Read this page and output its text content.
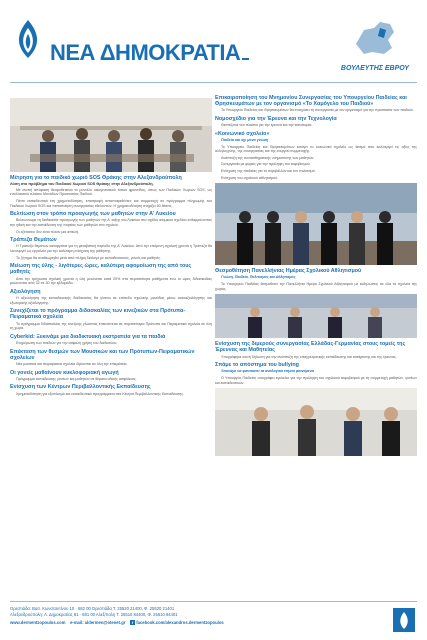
ΝΕΑ ΔΗΜΟΚΡΑΤΙΑ
ΒΟΥΛΕΥΤΗΣ ΕΒΡΟΥ
Μέτρηση για το παιδικό χωριό SOS Θράκης στην Αλεξανδρούπολη
Λύση στο πρόβλημα του Παιδικού Χωριού SOS Θράκης στην Αλεξανδρούπολη.

Με ανεπή απόφαση θεσμοθετείται το μοντέλο οικογενειακού τύπου φροντίδας, όπως των Παιδικών Χωριών SOS, ως εναλλακτικό πλαίσιο Μονάδων Προστασίας Παιδιού.

Πέντε εκπαιδευτικά έτη χρηματοδότηση, επιστροφή ανταποκριθέντες και συμμετοχή σε πρόγραμμα πληρωμής του Παιδικού Χωριού SOS και πιστοποίηση συνεργασίας εθελοντών. Η χρηματοδότηση στηρίζει 50 θέσεις.

Βελτίωση στον τρόπο προαγωγής των μαθητών στην Α' Λυκείου

Βελτιώνουμε τη διαδικασία προαγωγής των μαθητών της Α' τάξης του Λυκείου στο σχέδιο ατομικού σχεδίου ενθαρρύνοντας την ηθική και την εκπαίδευση της πορείας των μαθητών στο σχολείο.

Οι εξετάσεις δεν είναι πλέον μια απειλή.

Τράπεζα Θεμάτων

Η Τράπεζα θεμάτων καταργείται για τη μεταβατική περίοδο της Α' Λυκείου. Από την επόμενη σχολική χρονιά η Τράπεζα θα λειτουργεί ως εργαλείο για την καλύτερη ενίσχυση της μάθησης.

Το ζήτημα θα αναθεωρηθεί μετά από πλήρη διάλογο με εκπαιδευτικούς, γονείς και μαθητές.

Μείωση της ύλης - λιγότερες ώρες, καλύτερη αφομοίωση της από τους μαθητές

Από την τρέχουσα σχολική χρονιά η ύλη μειώνεται κατά 20% στα περισσότερα μαθήματα ενώ οι ώρες διδασκαλίας μειώνονται από 32 σε 30 την εβδομάδα.

Αξιολόγηση

Η αξιολόγηση της εκπαιδευτικής διαδικασίας θα γίνεται σε επίπεδο σχολικής μονάδας μέσω αυτοαξιολόγησης και εξωτερικής αξιολόγησης.

Συνεχίζεται το πρόγραμμα διδασκαλίας των κινεζικών στα Πρότυπα-Πειραματικά σχολεία

Το πρόγραμμα διδασκαλίας της κινεζικής γλώσσας επεκτείνεται σε περισσότερα Πρότυπα και Πειραματικά σχολεία σε όλη τη χώρα.

Cyberkid: Ξεκινάμε μια διαδικτυακή εκστρατεία για τα παιδιά

Ενημέρωση των παιδιών για την ασφαλή χρήση του διαδικτύου.

Επέκταση των θεσμών των Μουσικών και των Πρότυπων-Πειραματικών σχολείων

Νέα μουσικά και πειραματικά σχολεία ιδρύονται σε όλη την επικράτεια.

Οι γονείς μαθαίνουν κυκλοφοριακή αγωγή

Πρόγραμμα εκπαίδευσης γονέων και μαθητών σε θέματα οδικής ασφάλειας.

Ενίσχυση των Κέντρων Περιβαλλοντικής Εκπαίδευσης

Χρηματοδότηση για εξοπλισμό και εκπαιδευτικά προγράμματα στα Κέντρα Περιβαλλοντικής Εκπαίδευσης.

Επικαιροποίηση του Μνημονίου Συνεργασίας του Υπουργείου Παιδείας και Θρησκευμάτων με τον οργανισμό «Το Χαμόγελο του Παιδιού»

Το Υπουργείο Παιδείας και Θρησκευμάτων θα ενισχύσει τη συνεργασία με τον οργανισμό για την προστασία των παιδιών.

Νομοσχέδιο για την Έρευνα και την Τεχνολογία

Θεσπίζεται νέο πλαίσιο για την έρευνα και την καινοτομία.

«Κοινωνικό σχολείο»

Παιδεία και όχι μόνο γνώση

Το Υπουργείο Παιδείας και Θρησκευμάτων εισάγει το κοινωνικό σχολείο ως θεσμό που καλλιεργεί τις αξίες της αλληλεγγύης, της συνεργασίας και της ενεργού συμμετοχής.

Ανάπτυξη της συναισθηματικής νοημοσύνης των μαθητών.

Συνεργασία με φορείς για την πρόληψη του εκφοβισμού.

Ενίσχυση της παιδείας για το περιβάλλον και τον πολιτισμό.

Ενίσχυση του σχολικού αθλητισμού.

Θεσμοθέτηση Πανελλήνιας Ημέρας Σχολικού Αθλητισμού

Γνώση, Παιδεία, Πολιτισμός και Αθλητισμός

Το Υπουργείο Παιδείας θεσμοθετεί την Πανελλήνια Ημέρα Σχολικού Αθλητισμού με εκδηλώσεις σε όλα τα σχολεία της χώρας.

Ενίσχυση της διμερούς συνεργασίας Ελλάδας-Γερμανίας στους τομείς της Έρευνας και Μαθητείας

Υπογράφηκε κοινή δήλωση για την ανάπτυξη της επαγγελματικής εκπαίδευσης και κατάρτισης και της έρευνας.

Σπάμε το απόστημα του bullying

Ξεκινάμε να φανταστεί τα αναλογικά ετήσια φαινόμενα

Ο Υπουργός Παιδείας υπογράφει εγκύκλιο για την πρόληψη του σχολικού εκφοβισμού με τη συμμετοχή μαθητών, γονέων και εκπαιδευτικών.

Ορεστιάδα: Βασ. Κωνσταντίνου 10 · 682 00 Ορεστιάδα Τ. 25520 21400, Φ. 25520 21401
Αλεξανδρούπολη: Λ. Δημοκρατίας 81 · 681 00 Αλεξ/πολη Τ. 25510 84400, Φ. 25510 84401
www.dermentzopoulos.com e-mail: aldermen@otenet.gr f facebook.com/alexandros.dermentzopoulos
